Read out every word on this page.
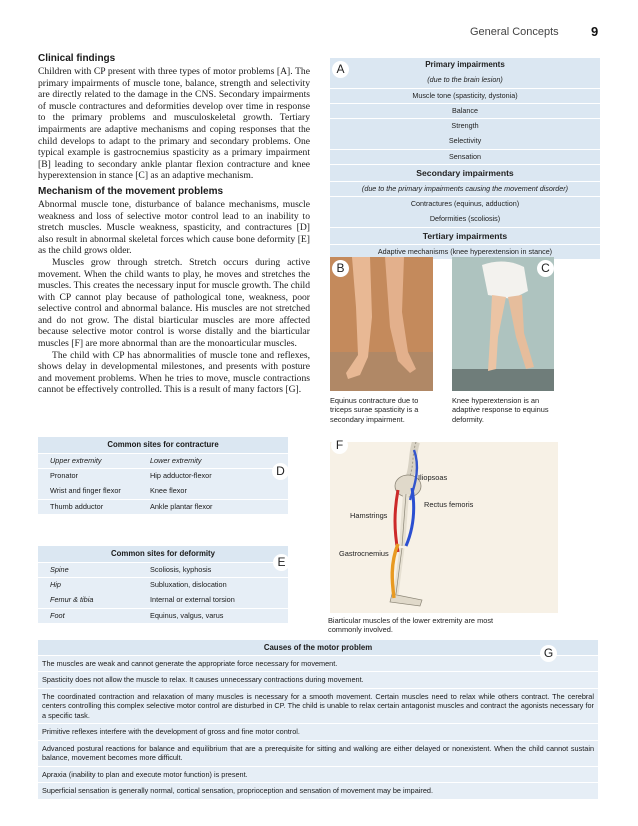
General Concepts 9
Clinical findings
Children with CP present with three types of motor problems [A]. The primary impairments of muscle tone, balance, strength and selectivity are directly related to the damage in the CNS. Secondary impairments of muscle contractures and deformities develop over time in response to the primary problems and musculoskeletal growth. Tertiary impairments are adaptive mechanisms and coping responses that the child develops to adapt to the primary and secondary problems. One typical example is gastrocnemius spasticity as a primary impairment [B] leading to secondary ankle plantar flexion contracture and knee hyperextension in stance [C] as an adaptive mechanism.
Mechanism of the movement problems
Abnormal muscle tone, disturbance of balance mechanisms, muscle weakness and loss of selective motor control lead to an inability to stretch muscles. Muscle weakness, spasticity, and contractures [D] also result in abnormal skeletal forces which cause bone deformity [E] as the child grows older.
Muscles grow through stretch. Stretch occurs during active movement. When the child wants to play, he moves and stretches the muscles. This creates the necessary input for muscle growth. The child with CP cannot play because of pathological tone, weakness, poor selective control and abnormal balance. His muscles are not stretched and do not grow. The distal biarticular muscles are more affected because selective motor control is worse distally and the biarticular muscles [F] are more abnormal than are the monoarticular muscles.
The child with CP has abnormalities of muscle tone and reflexes, shows delay in developmental milestones, and presents with posture and movement problems. When he tries to move, muscle contractions cannot be effectively controlled. This is a result of many factors [G].
Primary impairments
(due to the brain lesion)
Muscle tone (spasticity, dystonia)
Balance
Strength
Selectivity
Sensation
Secondary impairments
(due to the primary impairments causing the movement disorder)
Contractures (equinus, adduction)
Deformities (scoliosis)
Tertiary impairments
Adaptive mechanisms (knee hyperextension in stance)
A
B	C
Equinus contracture due to triceps surae spasticity is a secondary impairment.
Knee hyperextension is an adaptive response to equinus deformity.
F
Iliopsoas
Rectus femoris
Hamstrings
Gastrocnemius
Biarticular muscles of the lower extremity are most commonly involved.
Common sites for contracture
Upper extremity	Lower extremity
Pronator	Hip adductor-flexor
Wrist and finger flexor	Knee flexor
Thumb adductor	Ankle plantar flexor
D
Common sites for deformity
Spine	Scoliosis, kyphosis
Hip	Subluxation, dislocation
Femur & tibia	Internal or external torsion
Foot	Equinus, valgus, varus
E
Causes of the motor problem
The muscles are weak and cannot generate the appropriate force necessary for movement.
Spasticity does not allow the muscle to relax. It causes unnecessary contractions during movement.
The coordinated contraction and relaxation of many muscles is necessary for a smooth movement. Certain muscles need to relax while others contract. The cerebral centers controlling this complex selective motor control are disturbed in CP. The child is unable to relax certain antagonist muscles and contract the agonists necessary for a specific task.
Primitive reflexes interfere with the development of gross and fine motor control.
Advanced postural reactions for balance and equilibrium that are a prerequisite for sitting and walking are either delayed or nonexistent. When the child cannot sustain balance, movement becomes more difficult.
Apraxia (inability to plan and execute motor function) is present.
Superficial sensation is generally normal, cortical sensation, proprioception and sensation of movement may be impaired.
G
